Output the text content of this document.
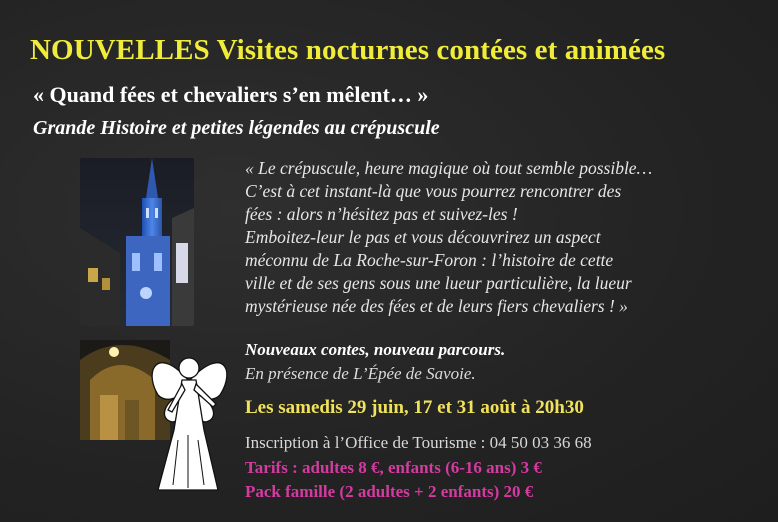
NOUVELLES Visites nocturnes contées et animées
« Quand fées et chevaliers s’en mêlent… »
Grande Histoire et petites légendes au crépuscule

« Le crépuscule, heure magique où tout semble possible…

C’est à cet instant-là que vous pourrez rencontrer des

fées : alors n’hésitez pas et suivez-les !

Emboitez-leur le pas et vous découvrirez un aspect

méconnu de La Roche-sur-Foron : l’histoire de cette

ville et de ses gens sous une lueur particulière, la lueur

mystérieuse née des fées et de leurs fiers chevaliers ! »

Nouveaux contes, nouveau parcours.
En présence de L’Épée de Savoie.
Les samedis 29 juin, 17 et 31 août à 20h30
Inscription à l’Office de Tourisme : 04 50 03 36 68
Tarifs : adultes 8 €, enfants (6-16 ans) 3 €
Pack famille (2 adultes + 2 enfants) 20 €
